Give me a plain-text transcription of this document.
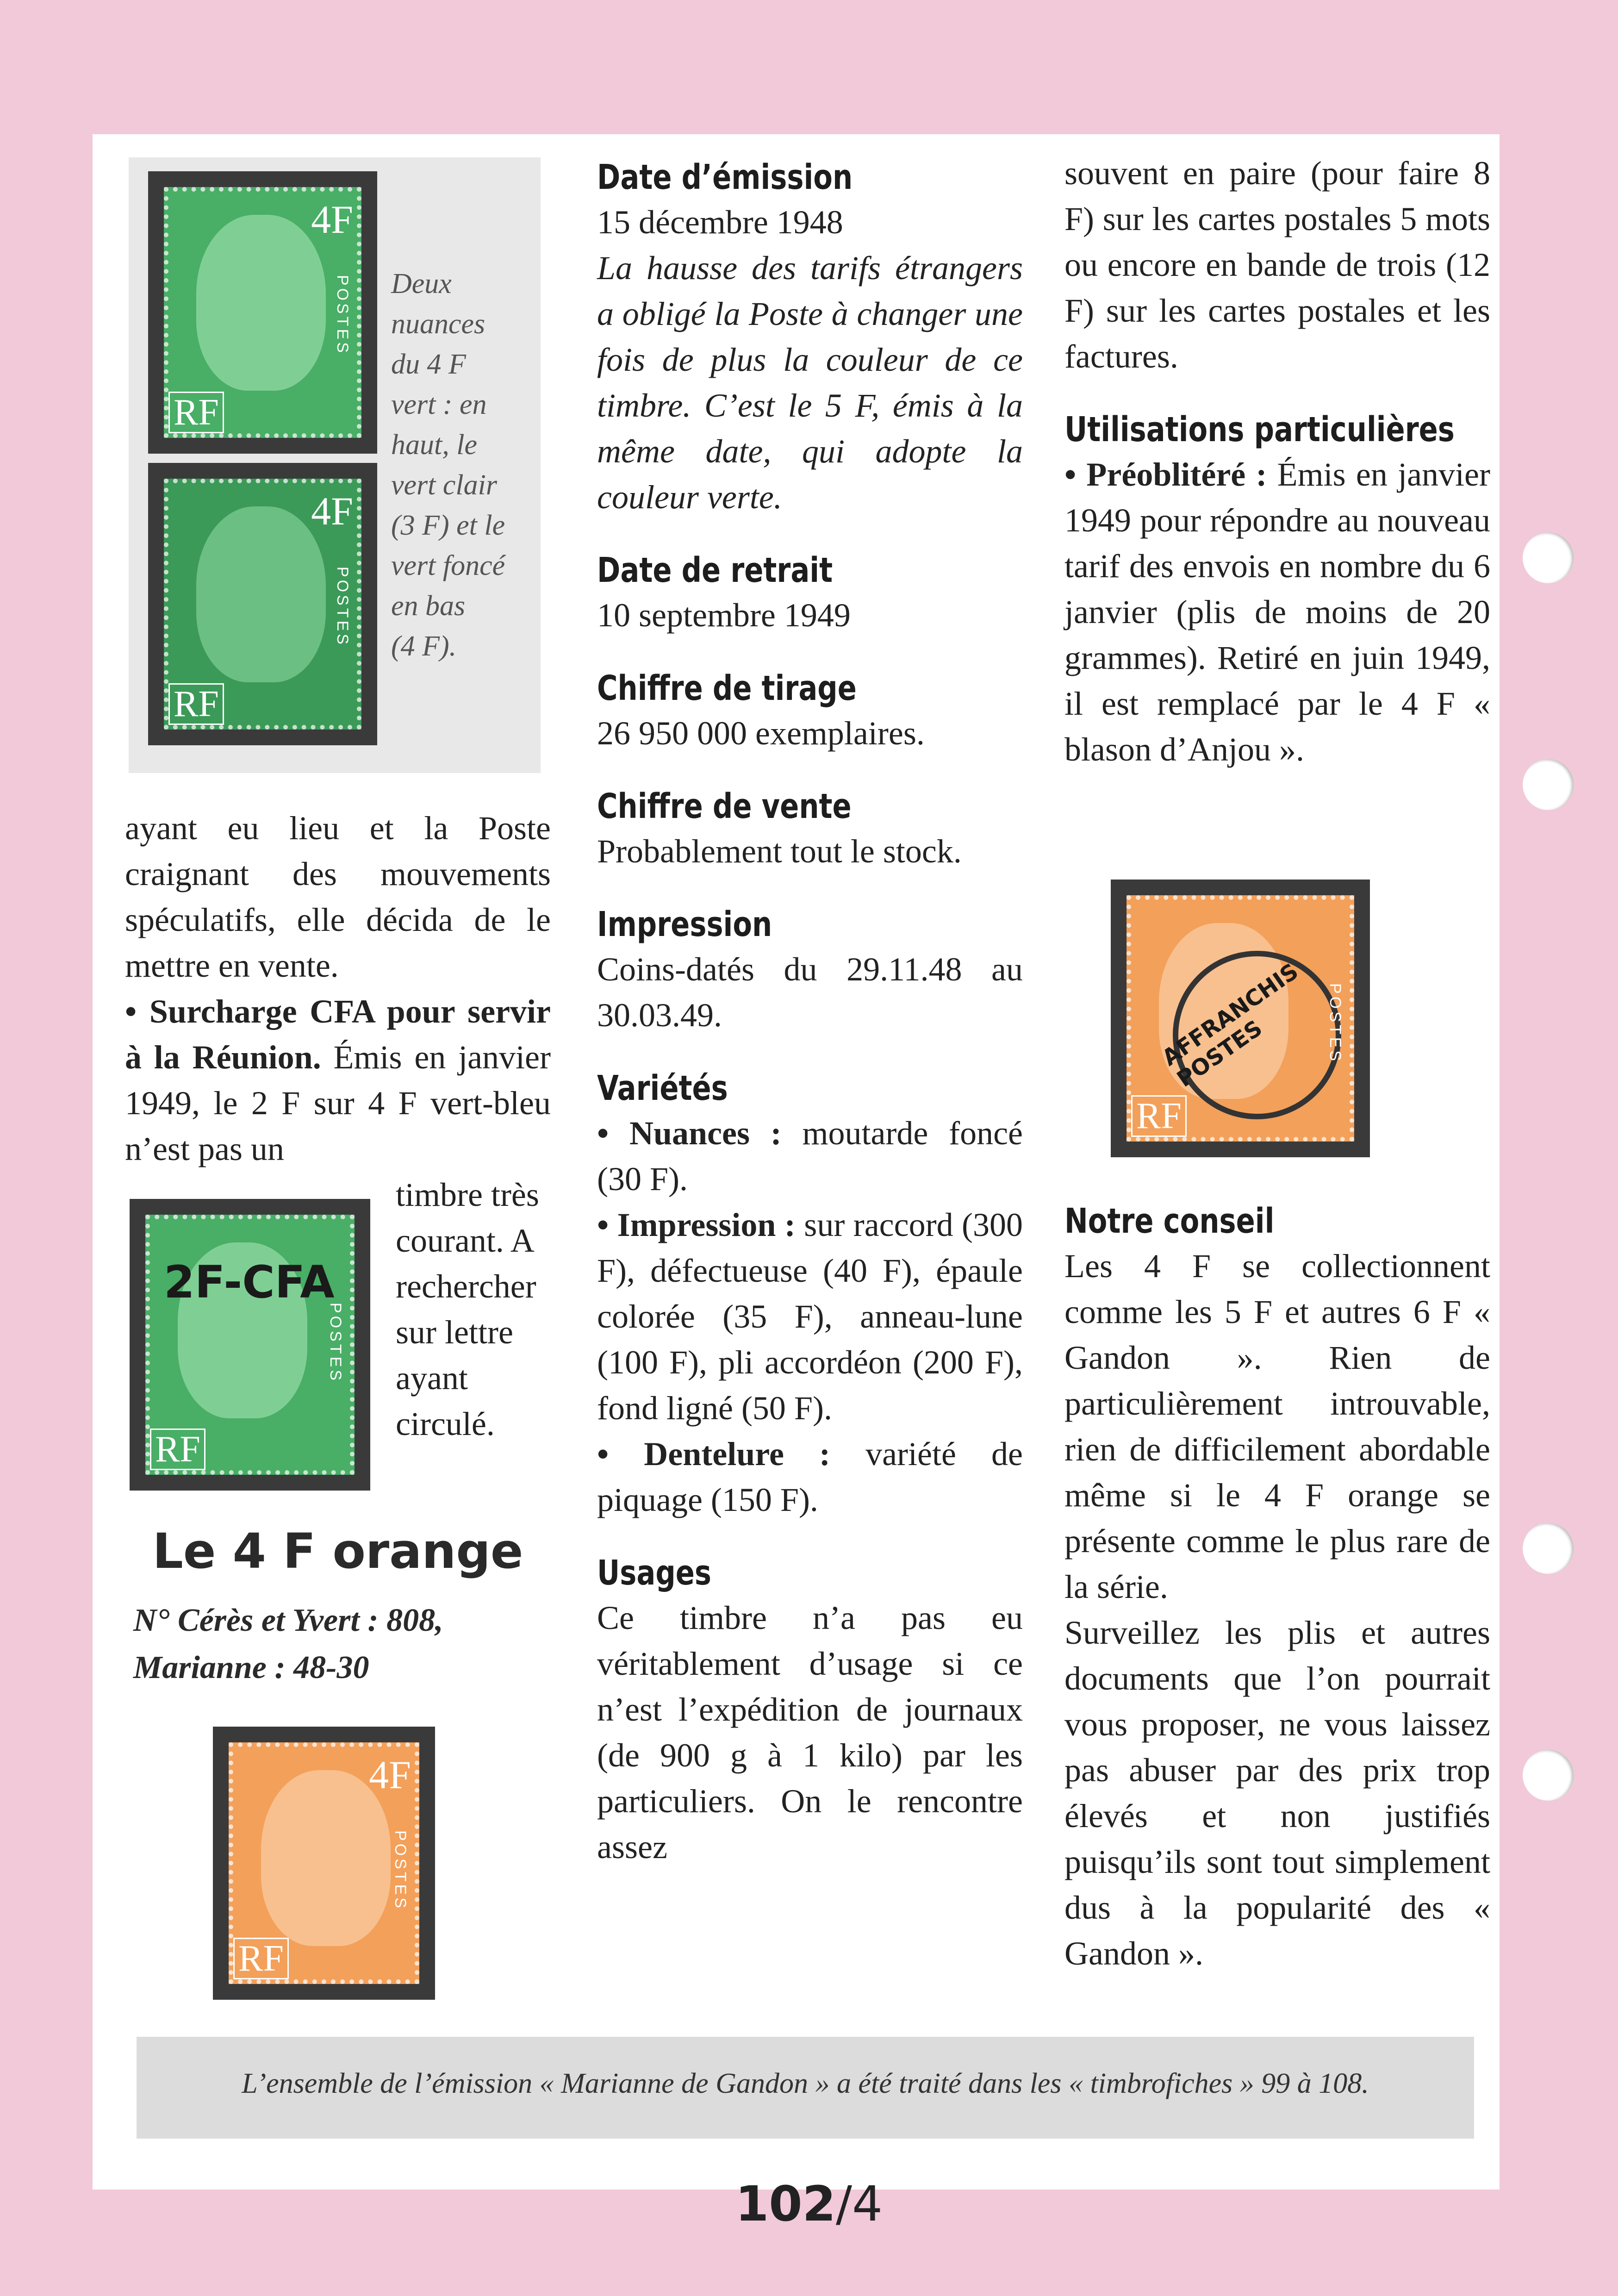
4F
POSTES
RF
4F
POSTES
RF
Deux
nuances
du 4 F
vert : en
haut, le
vert clair
(3 F) et le
vert foncé
en bas
(4 F).

ayant eu lieu et la Poste craignant des mouvements spéculatifs, elle décida de le mettre en vente.

• Surcharge CFA pour servir à la Réunion. Émis en janvier 1949, le 2 F sur 4 F vert-bleu n’est pas un

timbre très courant. A rechercher sur lettre ayant circulé.

POSTES
RF
2F-CFA

Le 4 F orange

N° Cérès et Yvert : 808,
Marianne : 48-30
4F
POSTES
RF
Date d’émission

15 décembre 1948

La hausse des tarifs étrangers a obligé la Poste à changer une fois de plus la couleur de ce timbre. C’est le 5 F, émis à la même date, qui adopte la couleur verte.

Date de retrait

10 septembre 1949

Chiffre de tirage

26 950 000 exemplaires.

Chiffre de vente

Probablement tout le stock.

Impression

Coins-datés du 29.11.48 au 30.03.49.

Variétés

• Nuances : moutarde foncé (30 F).

• Impression : sur raccord (300 F), défectueuse (40 F), épaule colorée (35 F), anneau-lune (100 F), pli accordéon (200 F), fond ligné (50 F).

• Dentelure : variété de piquage (150 F).

Usages

Ce timbre n’a pas eu véritablement d’usage si ce n’est l’expédition de journaux (de 900 g à 1 kilo) par les particuliers. On le rencontre assez

souvent en paire (pour faire 8 F) sur les cartes postales 5 mots ou encore en bande de trois (12 F) sur les cartes postales et les factures.

Utilisations particulières

• Préoblitéré : Émis en janvier 1949 pour répondre au nouveau tarif des envois en nombre du 6 janvier (plis de moins de 20 grammes). Retiré en juin 1949, il est remplacé par le 4 F « blason d’Anjou ».

POSTES
RF
AFFRANCHIS POSTES
Notre conseil

Les 4 F se collectionnent comme les 5 F et autres 6 F « Gandon ». Rien de particulièrement introuvable, rien de difficilement abordable même si le 4 F orange se présente comme le plus rare de la série.

Surveillez les plis et autres documents que l’on pourrait vous proposer, ne vous laissez pas abuser par des prix trop élevés et non justifiés puisqu’ils sont tout simplement dus à la popularité des « Gandon ».

L’ensemble de l’émission « Marianne de Gandon » a été traité dans les « timbrofiches » 99 à 108.

102/4
